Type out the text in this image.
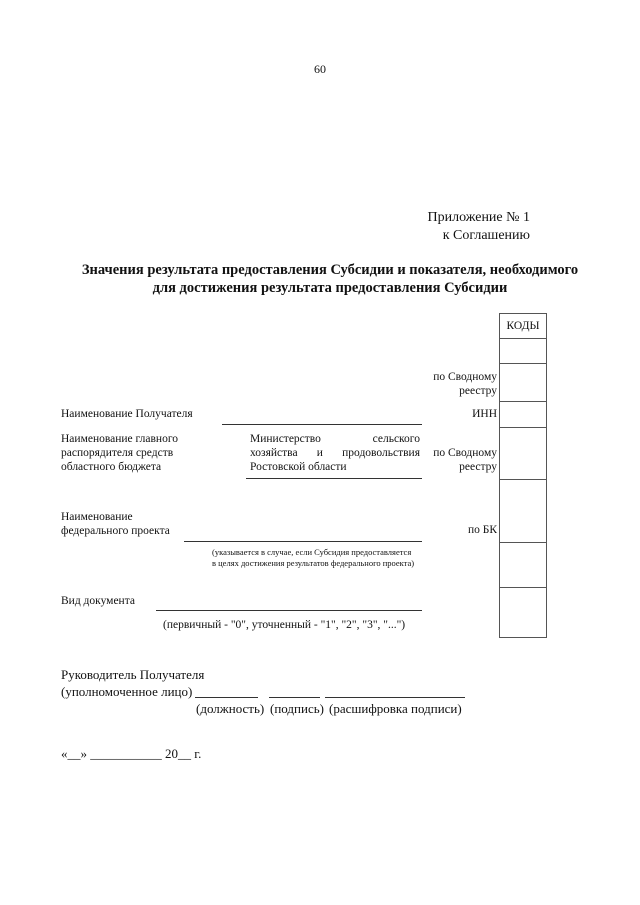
60
Приложение № 1
к Соглашению
Значения результата предоставления Субсидии и показателя, необходимого
для достижения результата предоставления Субсидии
КОДЫ
по Сводному
реестру
Наименование Получателя	ИНН
Наименование главного
распорядителя средств
областного бюджета
Министерство сельского хозяйства и продовольствия Ростовской области
по Сводному
реестру
Наименование
федерального проекта	по БК
(указывается в случае, если Субсидия предоставляется
в целях достижения результатов федерального проекта)
Вид документа
(первичный - "0", уточненный - "1", "2", "3", "...")
Руководитель Получателя
(уполномоченное лицо)
(должность) (подпись) (расшифровка подписи)
«__» ___________ 20__ г.
